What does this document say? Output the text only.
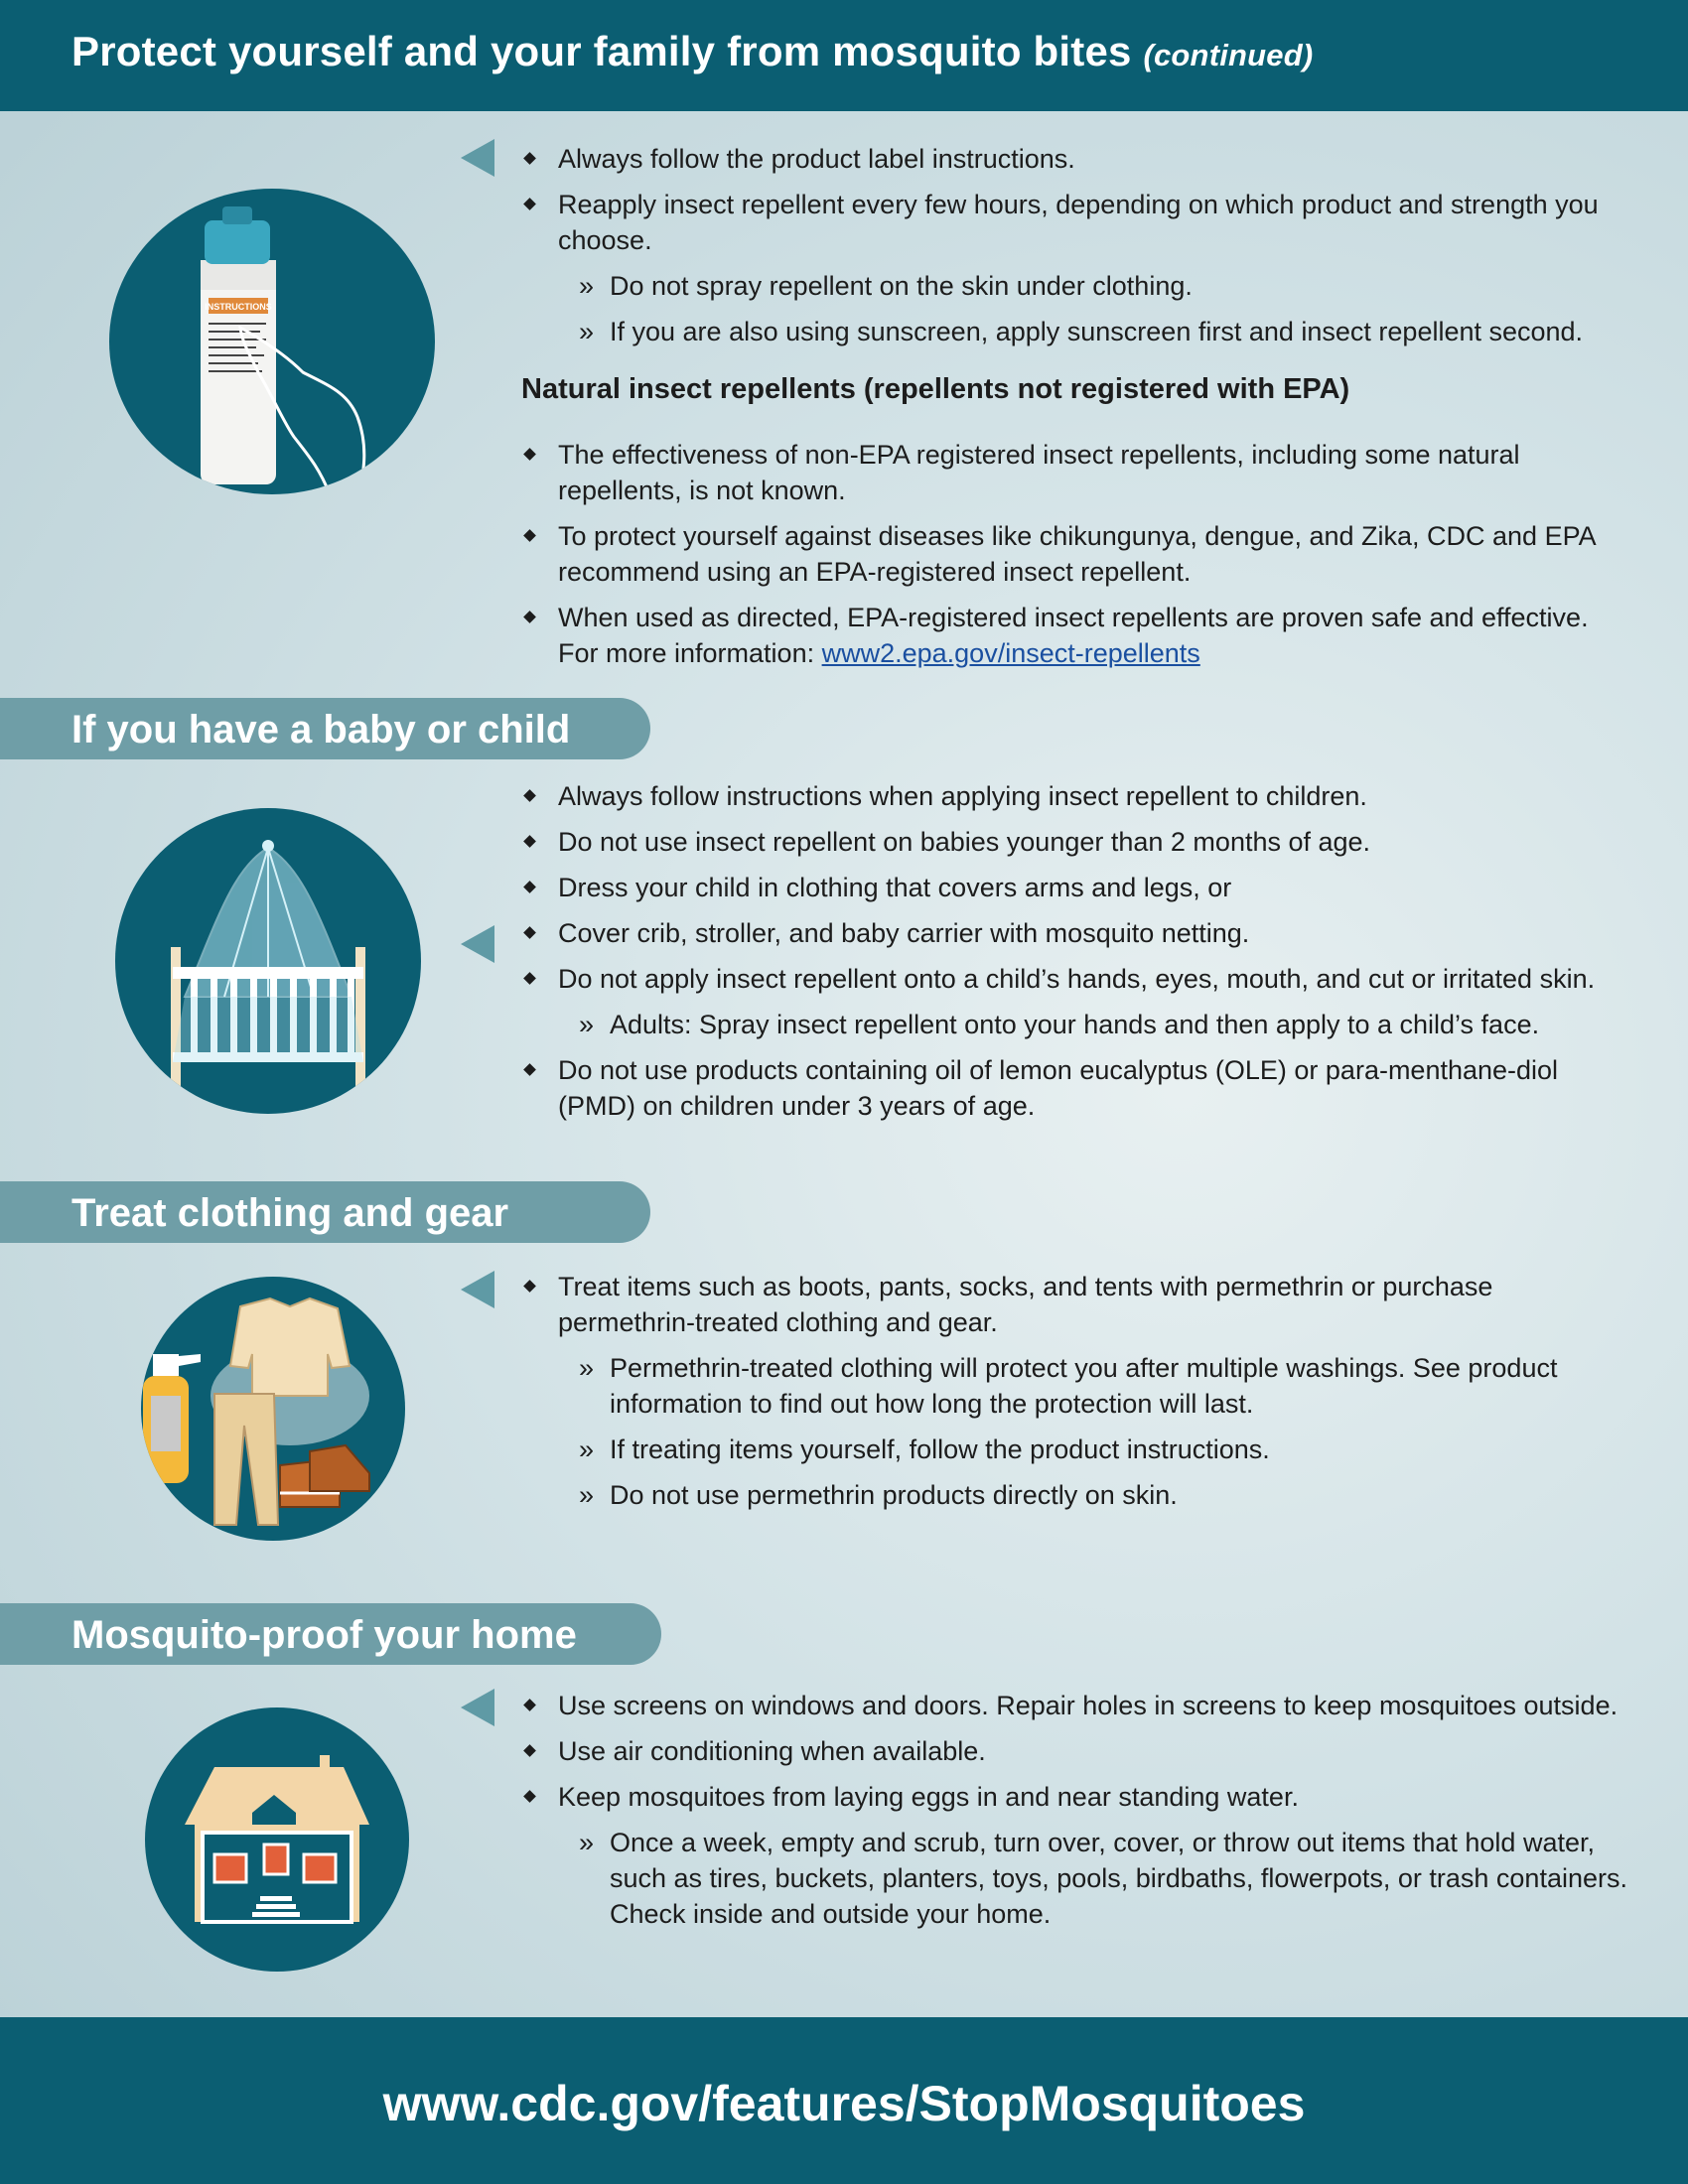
Protect yourself and your family from mosquito bites (continued)
INSTRUCTIONS
Always follow the product label instructions.
Reapply insect repellent every few hours, depending on which product and strength you choose.
» Do not spray repellent on the skin under clothing.
» If you are also using sunscreen, apply sunscreen first and insect repellent second.
Natural insect repellents (repellents not registered with EPA)
The effectiveness of non-EPA registered insect repellents, including some natural repellents, is not known.
To protect yourself against diseases like chikungunya, dengue, and Zika, CDC and EPA recommend using an EPA-registered insect repellent.
When used as directed, EPA-registered insect repellents are proven safe and effective. For more information: www2.epa.gov/insect-repellents
If you have a baby or child
Always follow instructions when applying insect repellent to children.
Do not use insect repellent on babies younger than 2 months of age.
Dress your child in clothing that covers arms and legs, or
Cover crib, stroller, and baby carrier with mosquito netting.
Do not apply insect repellent onto a child’s hands, eyes, mouth, and cut or irritated skin.
» Adults: Spray insect repellent onto your hands and then apply to a child’s face.
Do not use products containing oil of lemon eucalyptus (OLE) or para-menthane-diol (PMD) on children under 3 years of age.
Treat clothing and gear
Treat items such as boots, pants, socks, and tents with permethrin or purchase permethrin-treated clothing and gear.
» Permethrin-treated clothing will protect you after multiple washings. See product information to find out how long the protection will last.
» If treating items yourself, follow the product instructions.
» Do not use permethrin products directly on skin.
Mosquito-proof your home
Use screens on windows and doors. Repair holes in screens to keep mosquitoes outside.
Use air conditioning when available.
Keep mosquitoes from laying eggs in and near standing water.
» Once a week, empty and scrub, turn over, cover, or throw out items that hold water, such as tires, buckets, planters, toys, pools, birdbaths, flowerpots, or trash containers. Check inside and outside your home.
www.cdc.gov/features/StopMosquitoes
